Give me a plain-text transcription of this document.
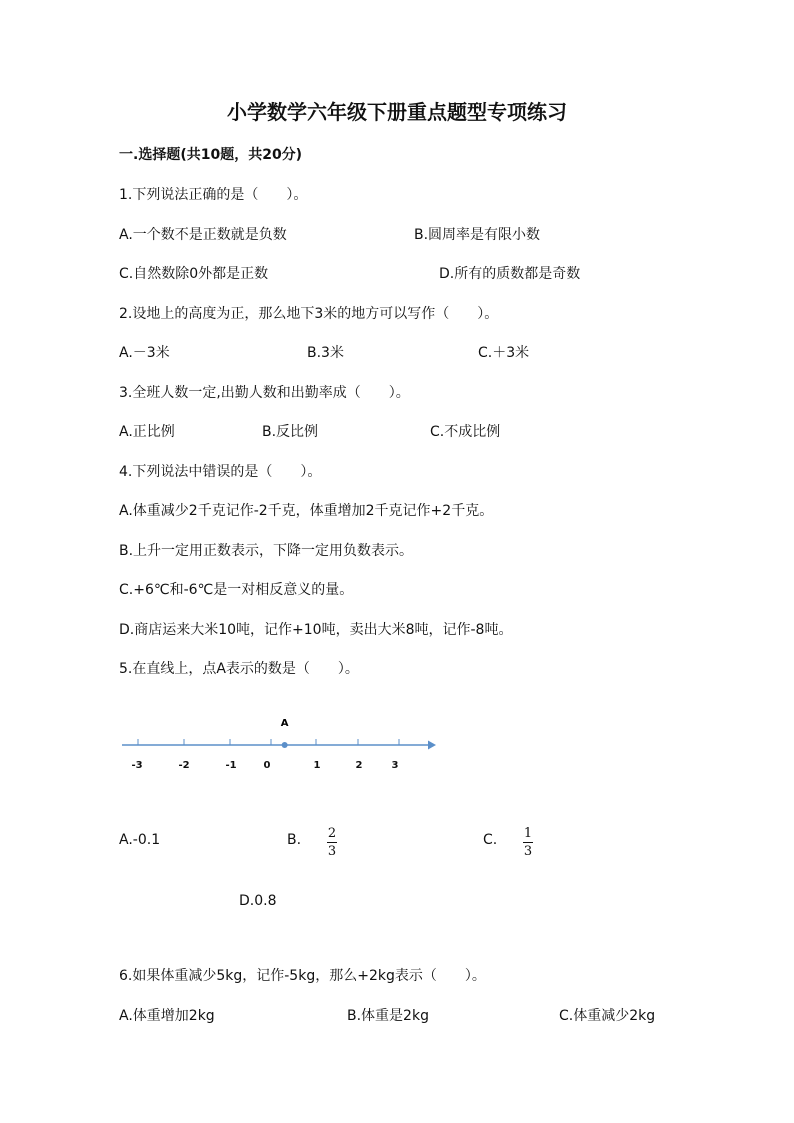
小学数学六年级下册重点题型专项练习
一.选择题(共10题，共20分)
1.下列说法正确的是（　　）。
A.一个数不是正数就是负数	B.圆周率是有限小数
C.自然数除0外都是正数	D.所有的质数都是奇数
2.设地上的高度为正，那么地下3米的地方可以写作（　　）。
A.－3米	B.3米	C.＋3米
3.全班人数一定,出勤人数和出勤率成（　　）。
A.正比例	B.反比例	C.不成比例
4.下列说法中错误的是（　　）。
A.体重减少2千克记作-2千克，体重增加2千克记作+2千克。
B.上升一定用正数表示，下降一定用负数表示。
C.+6℃和-6℃是一对相反意义的量。
D.商店运来大米10吨，记作+10吨，卖出大米8吨，记作-8吨。
5.在直线上，点A表示的数是（　　）。
-3	-2	-1	0	1	2	3
A
A.-0.1	B. 2
3
C. 1
3
D.0.8
6.如果体重减少5kg，记作-5kg，那么+2kg表示（　　）。
A.体重增加2kg	B.体重是2kg	C.体重减少2kg
